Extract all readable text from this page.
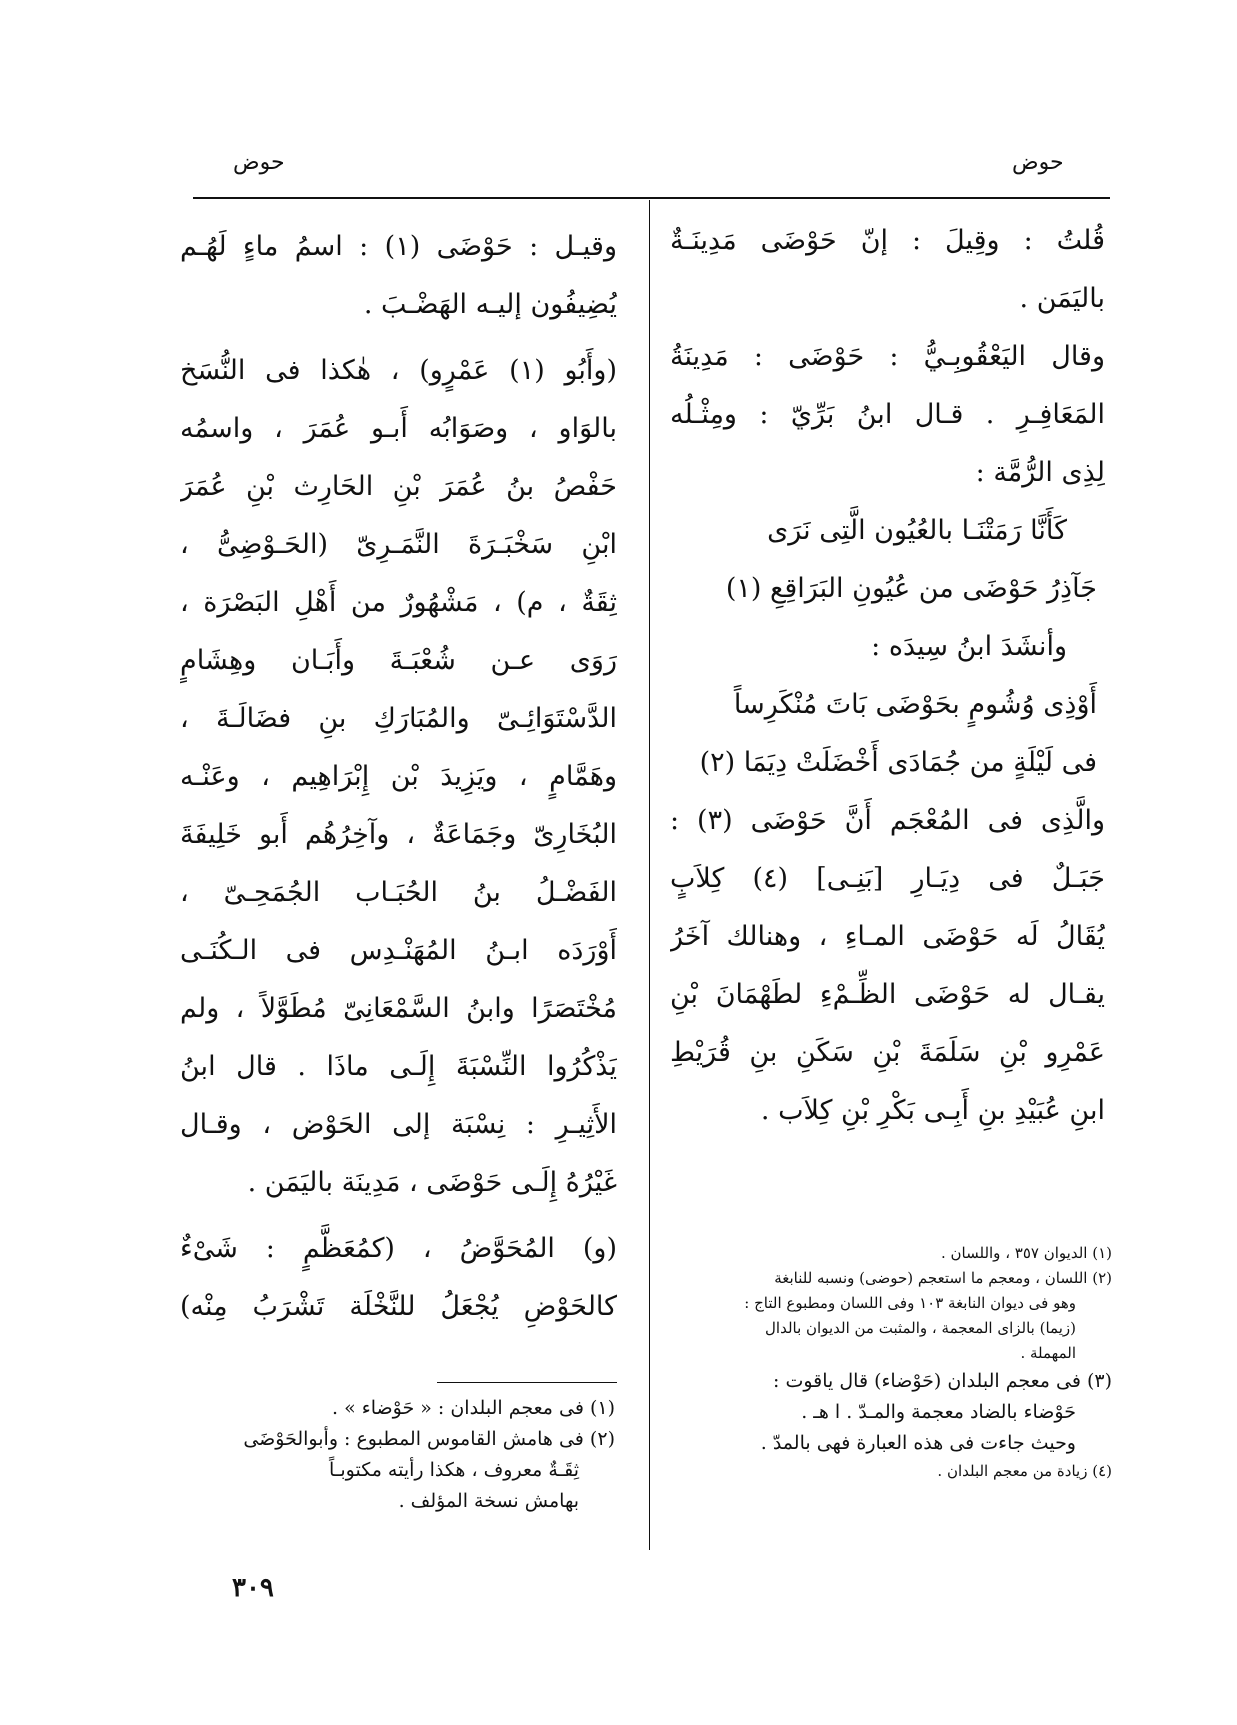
حوض
حوض
قُلتُ : وقِيلَ : إنّ حَوْضَى مَدِينَـةٌ
باليَمَن .
وقال اليَعْقُوبِـيُّ : حَوْضَى : مَدِينَةُ
المَعَافِـرِ . قـال ابنُ بَرِّيّ : ومِثْـلُه
لِذِى الرُّمَّة :
كَأَنَّا رَمَتْنَـا بالعُيُون الَّتِى نَرَى
جَآذِرُ حَوْضَى من عُيُونِ البَرَاقِعِ (١)
وأنشَدَ ابنُ سِيدَه :
أَوْذِى وُشُومٍ بحَوْضَى بَاتَ مُنْكَرِساً
فى لَيْلَةٍ من جُمَادَى أَخْضَلَتْ دِيَمَا (٢)
والَّذِى فى المُعْجَم أَنَّ حَوْضَى (٣) :
جَبَـلٌ فى دِيَـارِ [بَنِـى] (٤) كِلاَبٍ
يُقَالُ لَه حَوْضَى المـاءِ ، وهنالك آخَرُ
يقـال له حَوْضَى الظِّـمْءِ لطَهْمَانَ بْنِ
عَمْرِو بْنِ سَلَمَةَ بْنِ سَكَنِ بنِ قُرَيْطِ
ابنِ عُبَيْدِ بنِ أَبِـى بَكْرِ بْنِ كِلاَب .
(١) الديوان ٣٥٧ ، واللسان .
(٢) اللسان ، ومعجم ما استعجم (حوضى) ونسبه للنابغة
وهو فى ديوان النابغة ١٠٣ وفى اللسان ومطبوع التاج :
(زيما) بالزاى المعجمة ، والمثبت من الديوان بالدال
المهملة .
(٣) فى معجم البلدان (حَوْضاء) قال ياقوت :
حَوْضاء بالضاد معجمة والمـدّ . ا هـ .
وحيث جاءت فى هذه العبارة فهى بالمدّ .
(٤) زيادة من معجم البلدان .
وقيـل : حَوْضَى (١) : اسمُ ماءٍ لَهُـم
يُضِيفُون إليـه الهَضْـبَ .
(وأَبُو (١) عَمْرٍو) ، هٰكذا فى النُّسَخ
بالوَاو ، وصَوَابُه أَبـو عُمَرَ ، واسمُه
حَفْصُ بنُ عُمَرَ بْنِ الحَارِث بْنِ عُمَرَ
ابْنِ سَخْبَـرَةَ النَّمَـرِىّ (الحَـوْضِىُّ ،
ثِقَةٌ ، م) ، مَشْهُورٌ من أَهْلِ البَصْرَة ،
رَوَى عـن شُعْبَـةَ وأَبَـان وهِشَامٍ
الدَّسْتَوَائِـىّ والمُبَارَكِ بنِ فضَالَـةَ ،
وهَمَّامٍ ، ويَزِيدَ بْن إِبْرَاهِيم ، وعَنْـه
البُخَارِىّ وجَمَاعَةٌ ، وآخِرُهُم أَبو خَلِيفَةَ
الفَضْـلُ بنُ الحُبَـاب الجُمَحِـىّ ،
أَوْرَدَه ابـنُ المُهَنْـدِس فى الـكُنَـى
مُخْتَصَرًا وابنُ السَّمْعَانِىّ مُطَوَّلاً ، ولم
يَذْكُرُوا النِّسْبَةَ إِلَـى ماذَا . قال ابنُ
الأَثِيـرِ : نِسْبَة إلى الحَوْض ، وقـال
غَيْرُهُ إِلَـى حَوْضَى ، مَدِينَة باليَمَن .
(و) المُحَوَّضُ ، (كمُعَظَّمٍ : شَىْءٌ
كالحَوْضِ يُجْعَلُ للنَّخْلَة تَشْرَبُ مِنْه)
(١) فى معجم البلدان : « حَوْضاء » .
(٢) فى هامش القاموس المطبوع : وأبوالحَوْضَى
ثِقَـةٌ معروف ، هكذا رأيته مكتوبـاً
بهامش نسخة المؤلف .
٣٠٩
